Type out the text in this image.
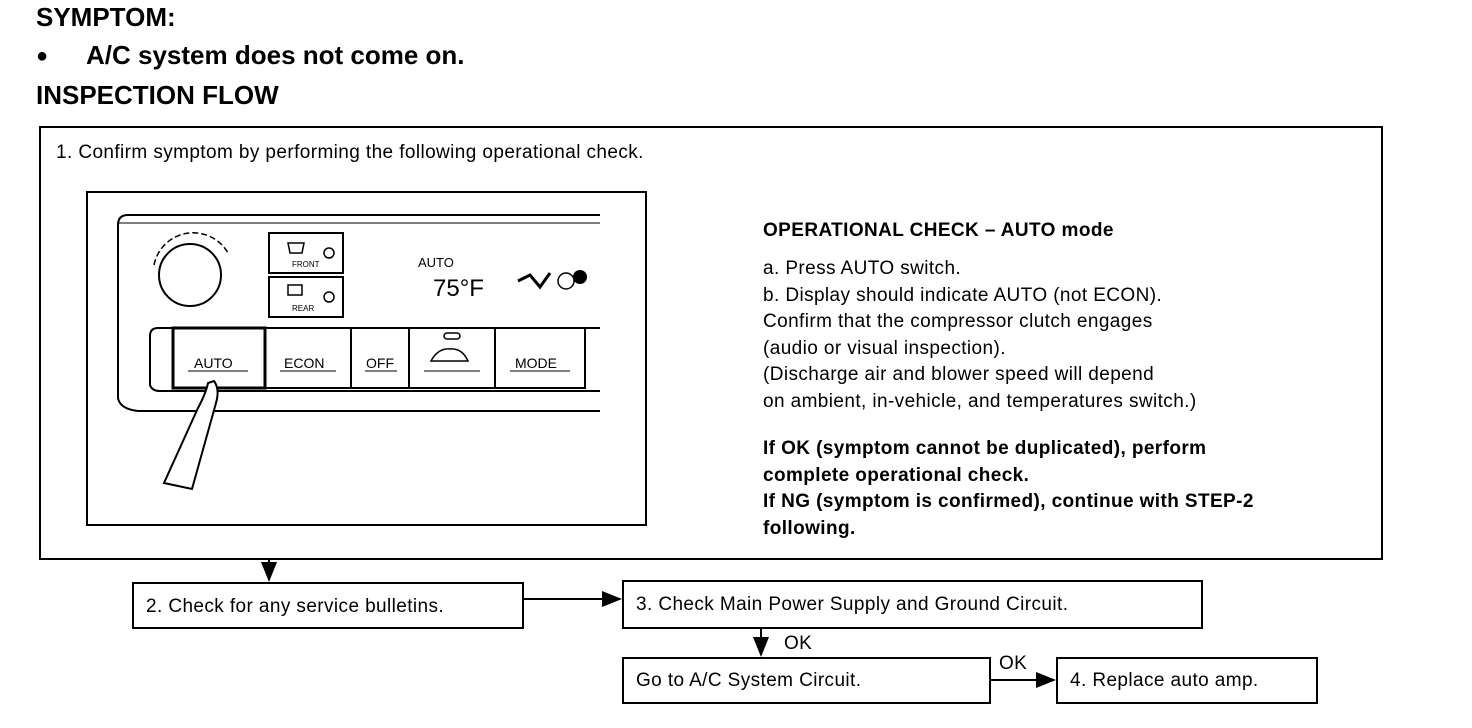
SYMPTOM:
● A/C system does not come on.
INSPECTION FLOW
1. Confirm symptom by performing the following operational check.
FRONT
REAR
AUTO
75°F
AUTO	ECON	OFF	MODE
OPERATIONAL CHECK – AUTO mode
a. Press AUTO switch.
b. Display should indicate AUTO (not ECON).
Confirm that the compressor clutch engages
(audio or visual inspection).
(Discharge air and blower speed will depend
on ambient, in-vehicle, and temperatures switch.)
If OK (symptom cannot be duplicated), perform
complete operational check.
If NG (symptom is confirmed), continue with STEP-2
following.
2. Check for any service bulletins.	3. Check Main Power Supply and Ground Circuit.
OK
Go to A/C System Circuit.
OK
4. Replace auto amp.
